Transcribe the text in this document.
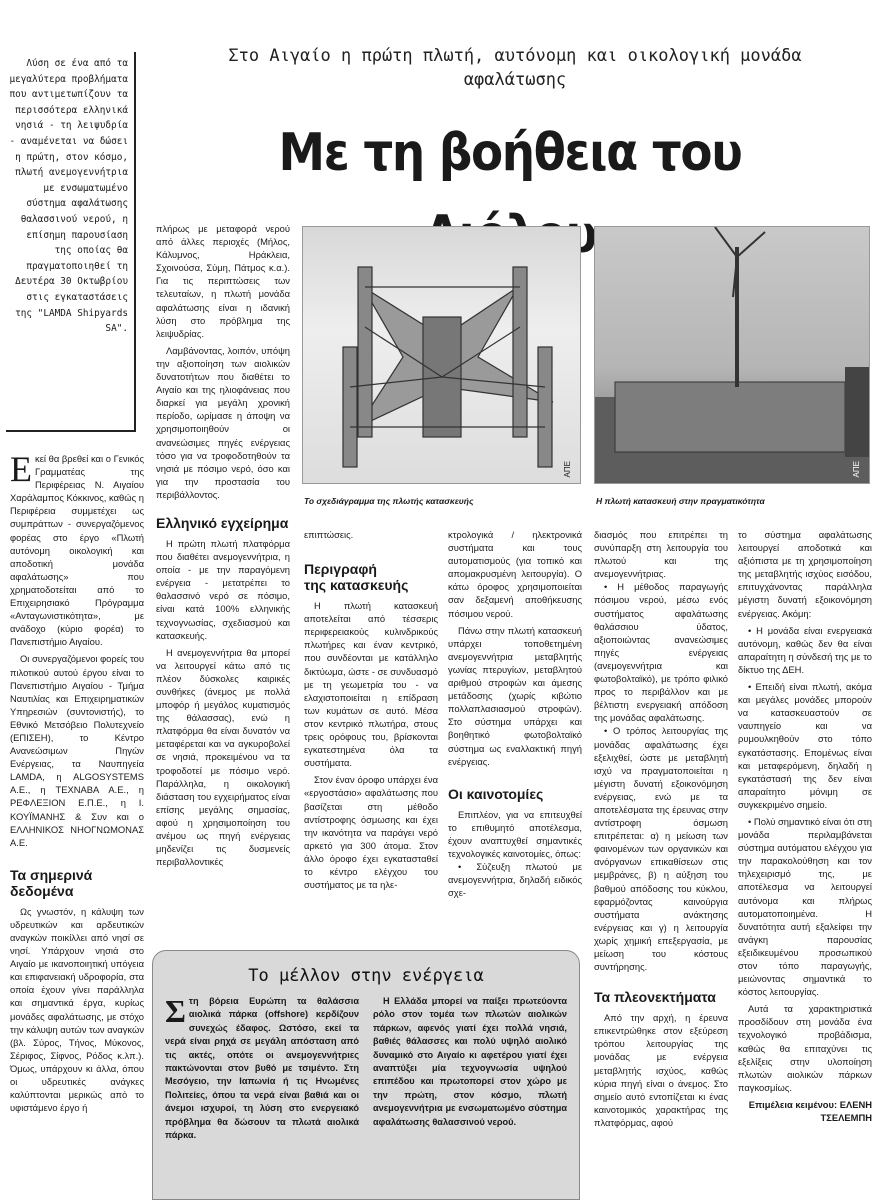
Λύση σε ένα από τα μεγαλύτερα προβλήματα που αντιμετωπίζουν τα περισσότερα ελληνικά νησιά - τη λειψυδρία - αναμένεται να δώσει η πρώτη, στον κόσμο, πλωτή ανεμογεννήτρια με ενσωματωμένο σύστημα αφαλάτωσης θαλασσινού νερού, η επίσημη παρουσίαση της οποίας θα πραγματοποιηθεί τη Δευτέρα 30 Οκτωβρίου στις εγκαταστάσεις της "LAMDA Shipyards SA".
Στο Αιγαίο η πρώτη πλωτή, αυτόνομη και οικολογική μονάδα αφαλάτωσης
Με τη βοήθεια του
ΑΠΕ
Το σχεδιάγραμμα της πλωτής κατασκευής
ΑΠΕ
Η πλωτή κατασκευή στην πραγματικότητα
Εκεί θα βρεθεί και ο Γενικός Γραμματέας της Περιφέρειας Ν. Αιγαίου Χαράλαμπος Κόκκινος, καθώς η Περιφέρεια συμμετέχει ως συμπράττων - συνεργαζόμενος φορέας στο έργο «Πλωτή αυτόνομη οικολογική και αποδοτική μονάδα αφαλάτωσης» που χρηματοδοτείται από το Επιχειρησιακό Πρόγραμμα «Ανταγωνιστικότητα», με ανάδοχο (κύριο φορέα) το Πανεπιστήμιο Αιγαίου.
Οι συνεργαζόμενοι φορείς του πιλοτικού αυτού έργου είναι το Πανεπιστήμιο Αιγαίου - Τμήμα Ναυτιλίας και Επιχειρηματικών Υπηρεσιών (συντονιστής), το Εθνικό Μετσόβειο Πολυτεχνείο (ΕΠΙΣΕΗ), το Κέντρο Ανανεώσιμων Πηγών Ενέργειας, τα Ναυπηγεία LAMDA, η ALGOSYSTEMS Α.Ε., η ΤΕΧΝΑΒΑ Α.Ε., η ΡΕΦΛΕΞΙΟΝ Ε.Π.Ε., η Ι. ΚΟΥΪΜΑΝΗΣ & Συν και ο ΕΛΛΗΝΙΚΟΣ ΝΗΟΓΝΩΜΟΝΑΣ Α.Ε.
Τα σημερινά δεδομένα
Ως γνωστόν, η κάλυψη των υδρευτικών και αρδευτικών αναγκών ποικίλλει από νησί σε νησί. Υπάρχουν νησιά στο Αιγαίο με ικανοποιητική υπόγεια και επιφανειακή υδροφορία, στα οποία έχουν γίνει παράλληλα και σημαντικά έργα, κυρίως μονάδες αφαλάτωσης, με στόχο την κάλυψη αυτών των αναγκών (βλ. Σύρος, Τήνος, Μύκονος, Σέριφος, Σίφνος, Ρόδος κ.λπ.). Όμως, υπάρχουν κι άλλα, όπου οι υδρευτικές ανάγκες καλύπτονται μερικώς από το υφιστάμενο έργο ή
πλήρως με μεταφορά νερού από άλλες περιοχές (Μήλος, Κάλυμνος, Ηράκλεια, Σχοινούσα, Σύμη, Πάτμος κ.α.). Για τις περιπτώσεις των τελευταίων, η πλωτή μονάδα αφαλάτωσης είναι η ιδανική λύση στο πρόβλημα της λειψυδρίας.
Λαμβάνοντας, λοιπόν, υπόψη την αξιοποίηση των αιολικών δυνατοτήτων που διαθέτει το Αιγαίο και της ηλιοφάνειας που διαρκεί για μεγάλη χρονική περίοδο, ωρίμασε η άποψη να χρησιμοποιηθούν οι ανανεώσιμες πηγές ενέργειας τόσο για να τροφοδοτηθούν τα νησιά με πόσιμο νερό, όσο και για την προστασία του περιβάλλοντος.
Ελληνικό εγχείρημα
Η πρώτη πλωτή πλατφόρμα που διαθέτει ανεμογεννήτρια, η οποία - με την παραγόμενη ενέργεια - μετατρέπει το θαλασσινό νερό σε πόσιμο, είναι κατά 100% ελληνικής τεχνογνωσίας, σχεδιασμού και κατασκευής.
Η ανεμογεννήτρια θα μπορεί να λειτουργεί κάτω από τις πλέον δύσκολες καιρικές συνθήκες (άνεμος με πολλά μποφόρ ή μεγάλος κυματισμός της θάλασσας), ενώ η πλατφόρμα θα είναι δυνατόν να μεταφέρεται και να αγκυροβολεί σε νησιά, προκειμένου να τα τροφοδοτεί με πόσιμο νερό. Παράλληλα, η οικολογική διάσταση του εγχειρήματος είναι επίσης μεγάλης σημασίας, αφού η χρησιμοποίηση του ανέμου ως πηγή ενέργειας μηδενίζει τις δυσμενείς περιβαλλοντικές
επιπτώσεις.
Περιγραφή
της κατασκευής
Η πλωτή κατασκευή αποτελείται από τέσσερις περιφερειακούς κυλινδρικούς πλωτήρες και έναν κεντρικό, που συνδέονται με κατάλληλο δικτύωμα, ώστε - σε συνδυασμό με τη γεωμετρία του - να ελαχιστοποιείται η επίδραση των κυμάτων σε αυτό. Μέσα στον κεντρικό πλωτήρα, στους τρεις ορόφους του, βρίσκονται εγκατεστημένα όλα τα συστήματα.
Στον έναν όροφο υπάρχει ένα «εργοστάσιο» αφαλάτωσης που βασίζεται στη μέθοδο αντίστροφης όσμωσης και έχει την ικανότητα να παράγει νερό αρκετό για 300 άτομα. Στον άλλο όροφο έχει εγκατασταθεί το κέντρο ελέγχου του συστήματος με τα ηλε-
κτρολογικά / ηλεκτρονικά συστήματα και τους αυτοματισμούς (για τοπικό και απομακρυσμένη λειτουργία). Ο κάτω όροφος χρησιμοποιείται σαν δεξαμενή αποθήκευσης πόσιμου νερού.
Πάνω στην πλωτή κατασκευή υπάρχει τοποθετημένη ανεμογεννήτρια μεταβλητής γωνίας πτερυγίων, μεταβλητού αριθμού στροφών και άμεσης μετάδοσης (χωρίς κιβώτιο πολλαπλασιασμού στροφών). Στο σύστημα υπάρχει και βοηθητικό φωτοβολταϊκό σύστημα ως εναλλακτική πηγή ενέργειας.
Οι καινοτομίες
Επιπλέον, για να επιτευχθεί το επιθυμητό αποτέλεσμα, έχουν αναπτυχθεί σημαντικές τεχνολογικές καινοτομίες, όπως:
• Σύζευξη πλωτού με ανεμογεννήτρια, δηλαδή ειδικός σχε-
διασμός που επιτρέπει τη συνύπαρξη στη λειτουργία του πλωτού και της ανεμογεννήτριας.
• Η μέθοδος παραγωγής πόσιμου νερού, μέσω ενός συστήματος αφαλάτωσης θαλάσσιου ύδατος, αξιοποιώντας ανανεώσιμες πηγές ενέργειας (ανεμογεννήτρια και φωτοβολταϊκό), με τρόπο φιλικό προς το περιβάλλον και με βέλτιστη ενεργειακή απόδοση της μονάδας αφαλάτωσης.
• Ο τρόπος λειτουργίας της μονάδας αφαλάτωσης έχει εξελιχθεί, ώστε με μεταβλητή ισχύ να πραγματοποιείται η μέγιστη δυνατή εξοικονόμηση ενέργειας, ενώ με τα αποτελέσματα της έρευνας στην αντίστροφη όσμωση επιτρέπεται: α) η μείωση των φαινομένων των οργανικών και ανόργανων επικαθίσεων στις μεμβράνες, β) η αύξηση του βαθμού απόδοσης του κύκλου, εφαρμόζοντας καινούργια συστήματα ανάκτησης ενέργειας και γ) η λειτουργία χωρίς χημική επεξεργασία, με μείωση του κόστους συντήρησης.
Τα πλεονεκτήματα
Από την αρχή, η έρευνα επικεντρώθηκε στον εξεύρεση τρόπου λειτουργίας της μονάδας με ενέργεια μεταβλητής ισχύος, καθώς κύρια πηγή είναι ο άνεμος. Στο σημείο αυτό εντοπίζεται κι ένας καινοτομικός χαρακτήρας της πλατφόρμας, αφού
το σύστημα αφαλάτωσης λειτουργεί αποδοτικά και αξιόπιστα με τη χρησιμοποίηση της μεταβλητής ισχύος εισόδου, επιτυγχάνοντας παράλληλα μέγιστη δυνατή εξοικονόμηση ενέργειας. Ακόμη:
• Η μονάδα είναι ενεργειακά αυτόνομη, καθώς δεν θα είναι απαραίτητη η σύνδεσή της με το δίκτυο της ΔΕΗ.
• Επειδή είναι πλωτή, ακόμα και μεγάλες μονάδες μπορούν να κατασκευαστούν σε ναυπηγείο και να ρυμουλκηθούν στο τόπο εγκατάστασης. Επομένως είναι και μεταφερόμενη, δηλαδή η εγκατάστασή της δεν είναι απαραίτητο μόνιμη σε συγκεκριμένο σημείο.
• Πολύ σημαντικό είναι ότι στη μονάδα περιλαμβάνεται σύστημα αυτόματου ελέγχου για την παρακολούθηση και τον τηλεχειρισμό της, με αποτέλεσμα να λειτουργεί αυτόνομα και πλήρως αυτοματοποιημένα. Η δυνατότητα αυτή εξαλείφει την ανάγκη παρουσίας εξειδικευμένου προσωπικού στον τόπο παραγωγής, μειώνοντας σημαντικά το κόστος λειτουργίας.
Αυτά τα χαρακτηριστικά προσδίδουν στη μονάδα ένα τεχνολογικό προβάδισμα, καθώς θα επιταχύνει τις εξελίξεις στην υλοποίηση πλωτών αιολικών πάρκων παγκοσμίως.
Επιμέλεια κειμένου: ΕΛΕΝΗ
ΤΣΕΛΕΜΠΗ
Το μέλλον στην ενέργεια
Στη βόρεια Ευρώπη τα θαλάσσια αιολικά πάρκα (offshore) κερδίζουν συνεχώς έδαφος. Ωστόσο, εκεί τα νερά είναι ρηχά σε μεγάλη απόσταση από τις ακτές, οπότε οι ανεμογεννήτριες πακτώνονται στον βυθό με τσιμέντο. Στη Μεσόγειο, την Ιαπωνία ή τις Ηνωμένες Πολιτείες, όπου τα νερά είναι βαθιά και οι άνεμοι ισχυροί, τη λύση στο ενεργειακό πρόβλημα θα δώσουν τα πλωτά αιολικά πάρκα.
Η Ελλάδα μπορεί να παίξει πρωτεύοντα ρόλο στον τομέα των πλωτών αιολικών πάρκων, αφενός γιατί έχει πολλά νησιά, βαθιές θάλασσες και πολύ υψηλό αιολικό δυναμικό στο Αιγαίο κι αφετέρου γιατί έχει αναπτύξει μία τεχνογνωσία υψηλού επιπέδου και πρωτοπορεί στον χώρο με την πρώτη, στον κόσμο, πλωτή ανεμογεννήτρια με ενσωματωμένο σύστημα αφαλάτωσης θαλασσινού νερού.
